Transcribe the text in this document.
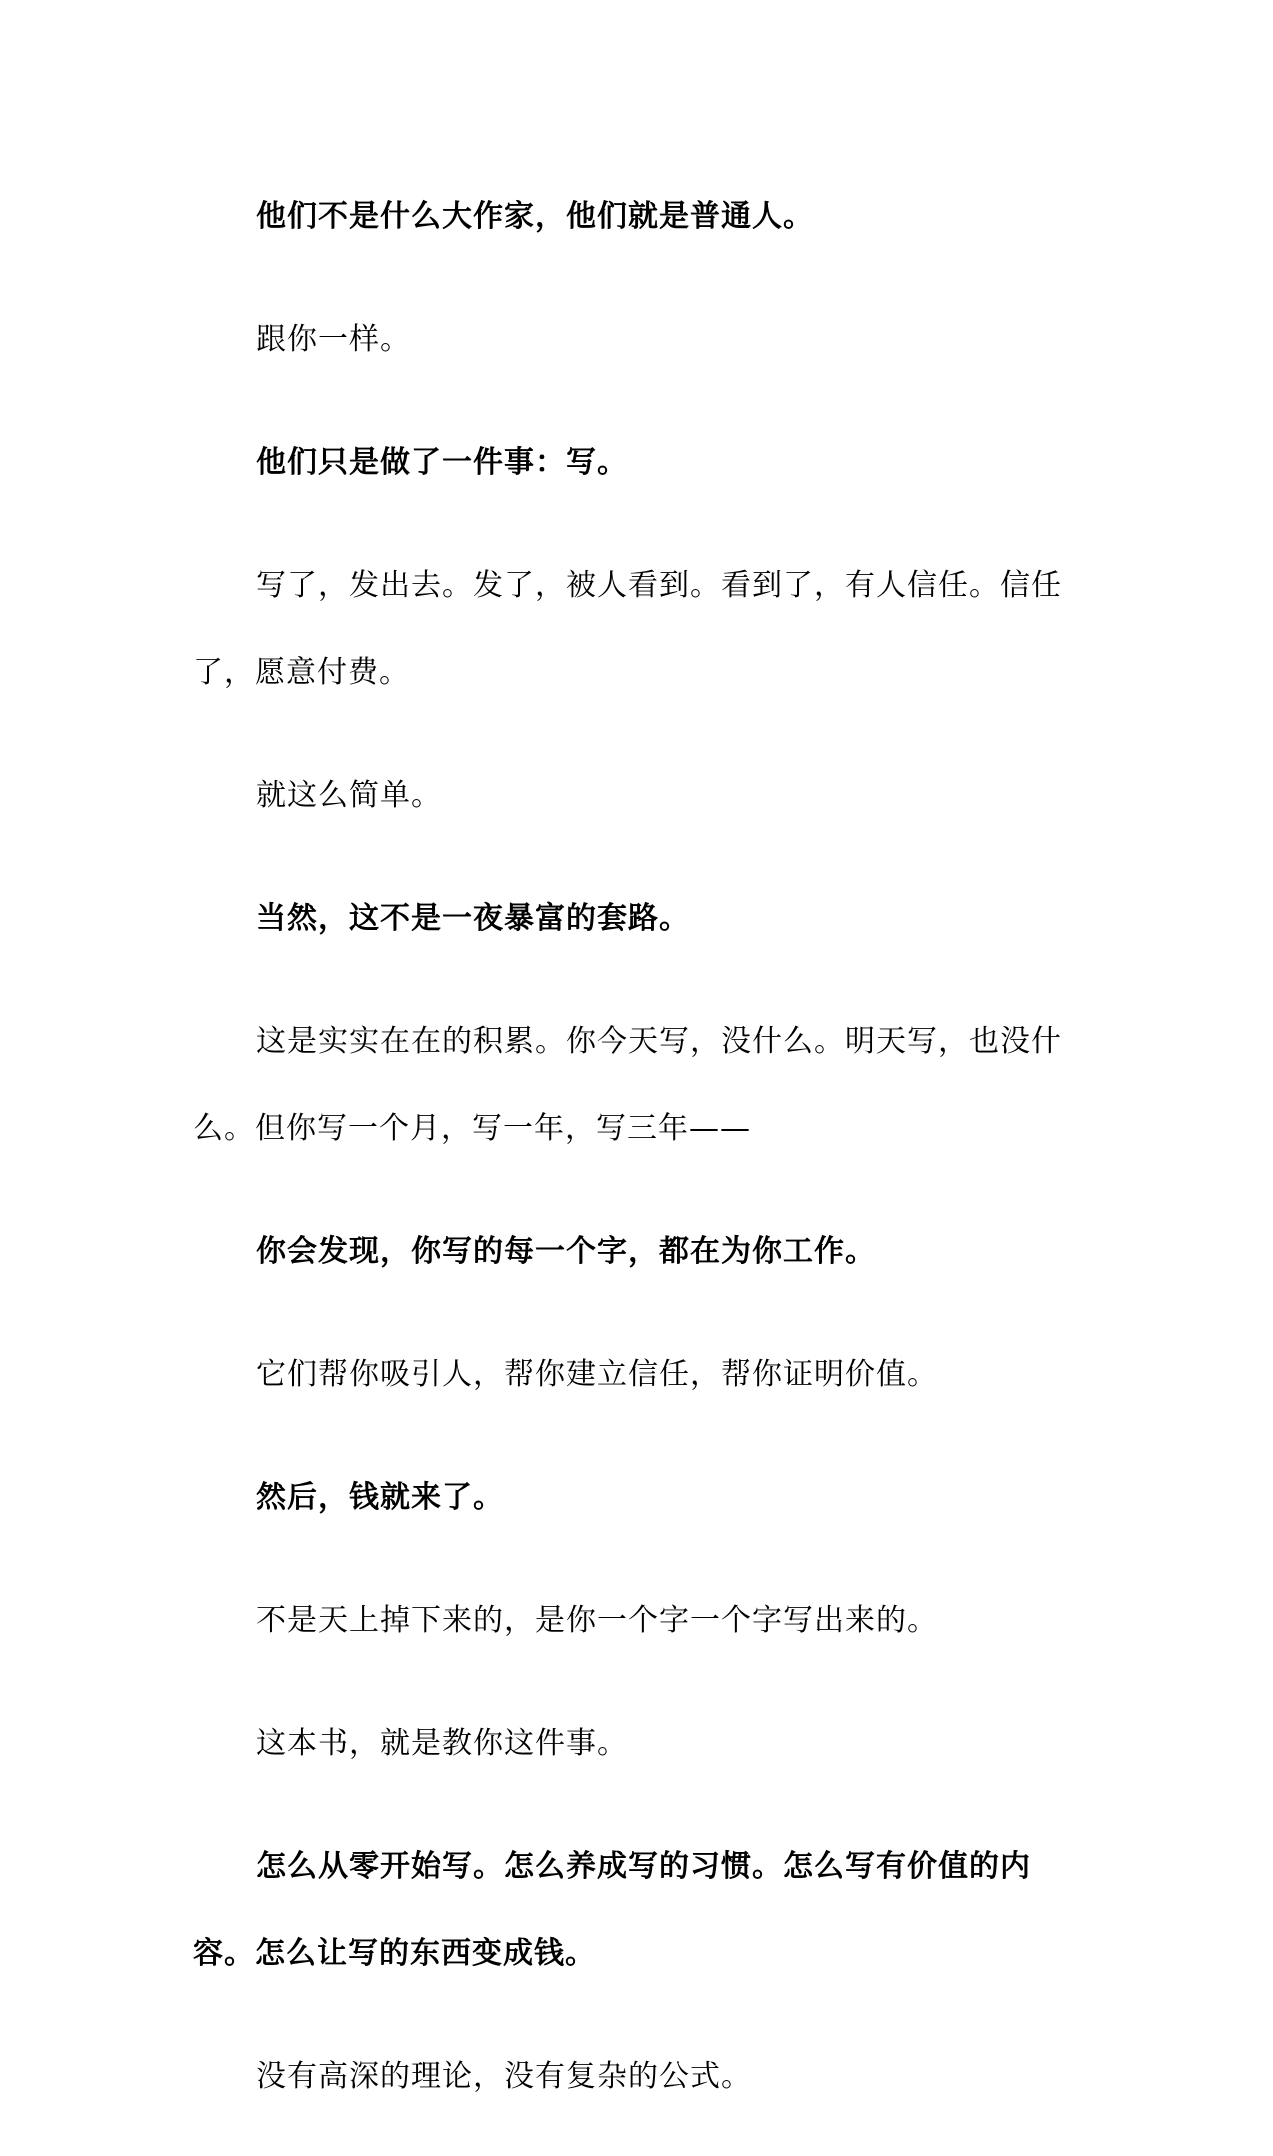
他们不是什么大作家，他们就是普通人。

跟你一样。

他们只是做了一件事：写。

写了，发出去。发了，被人看到。看到了，有人信任。信任了，愿意付费。

就这么简单。

当然，这不是一夜暴富的套路。

这是实实在在的积累。你今天写，没什么。明天写，也没什么。但你写一个月，写一年，写三年——

你会发现，你写的每一个字，都在为你工作。

它们帮你吸引人，帮你建立信任，帮你证明价值。

然后，钱就来了。

不是天上掉下来的，是你一个字一个字写出来的。

这本书，就是教你这件事。

怎么从零开始写。怎么养成写的习惯。怎么写有价值的内容。怎么让写的东西变成钱。

没有高深的理论，没有复杂的公式。
